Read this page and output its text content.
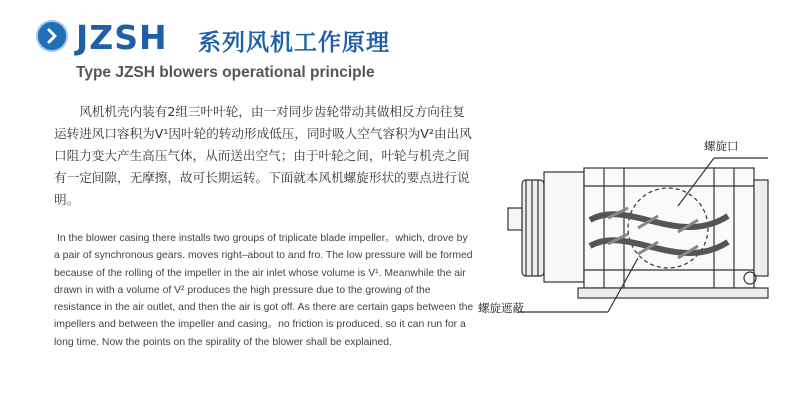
JZSH 系列风机工作原理
Type JZSH blowers operational principle
风机机壳内装有2组三叶叶轮，由一对同步齿轮带动其做相反方向往复运转进风口容积为V¹因叶轮的转动形成低压，同时吸人空气容积为V²由出风口阻力变大产生高压气体，从而送出空气；由于叶轮之间，叶轮与机壳之间有一定间隙，无摩擦，故可长期运转。下面就本风机螺旋形状的要点进行说明。
In the blower casing there installs two groups of triplicate blade impeller。which, drove by a pair of synchronous gears. moves right–about to and fro. The low pressure will be formed because of the rolling of the impeller in the air inlet whose volume is V¹. Meanwhile the air drawn in with a volume of V² produces the high pressure due to the growing of the resistance in the air outlet, and then the air is got off. As there are certain gaps between the impellers and between the impeller and casing。no friction is produced. so it can run for a long time. Now the points on the spirality of the blower shall be explained.
螺旋口
螺旋遮蔽
